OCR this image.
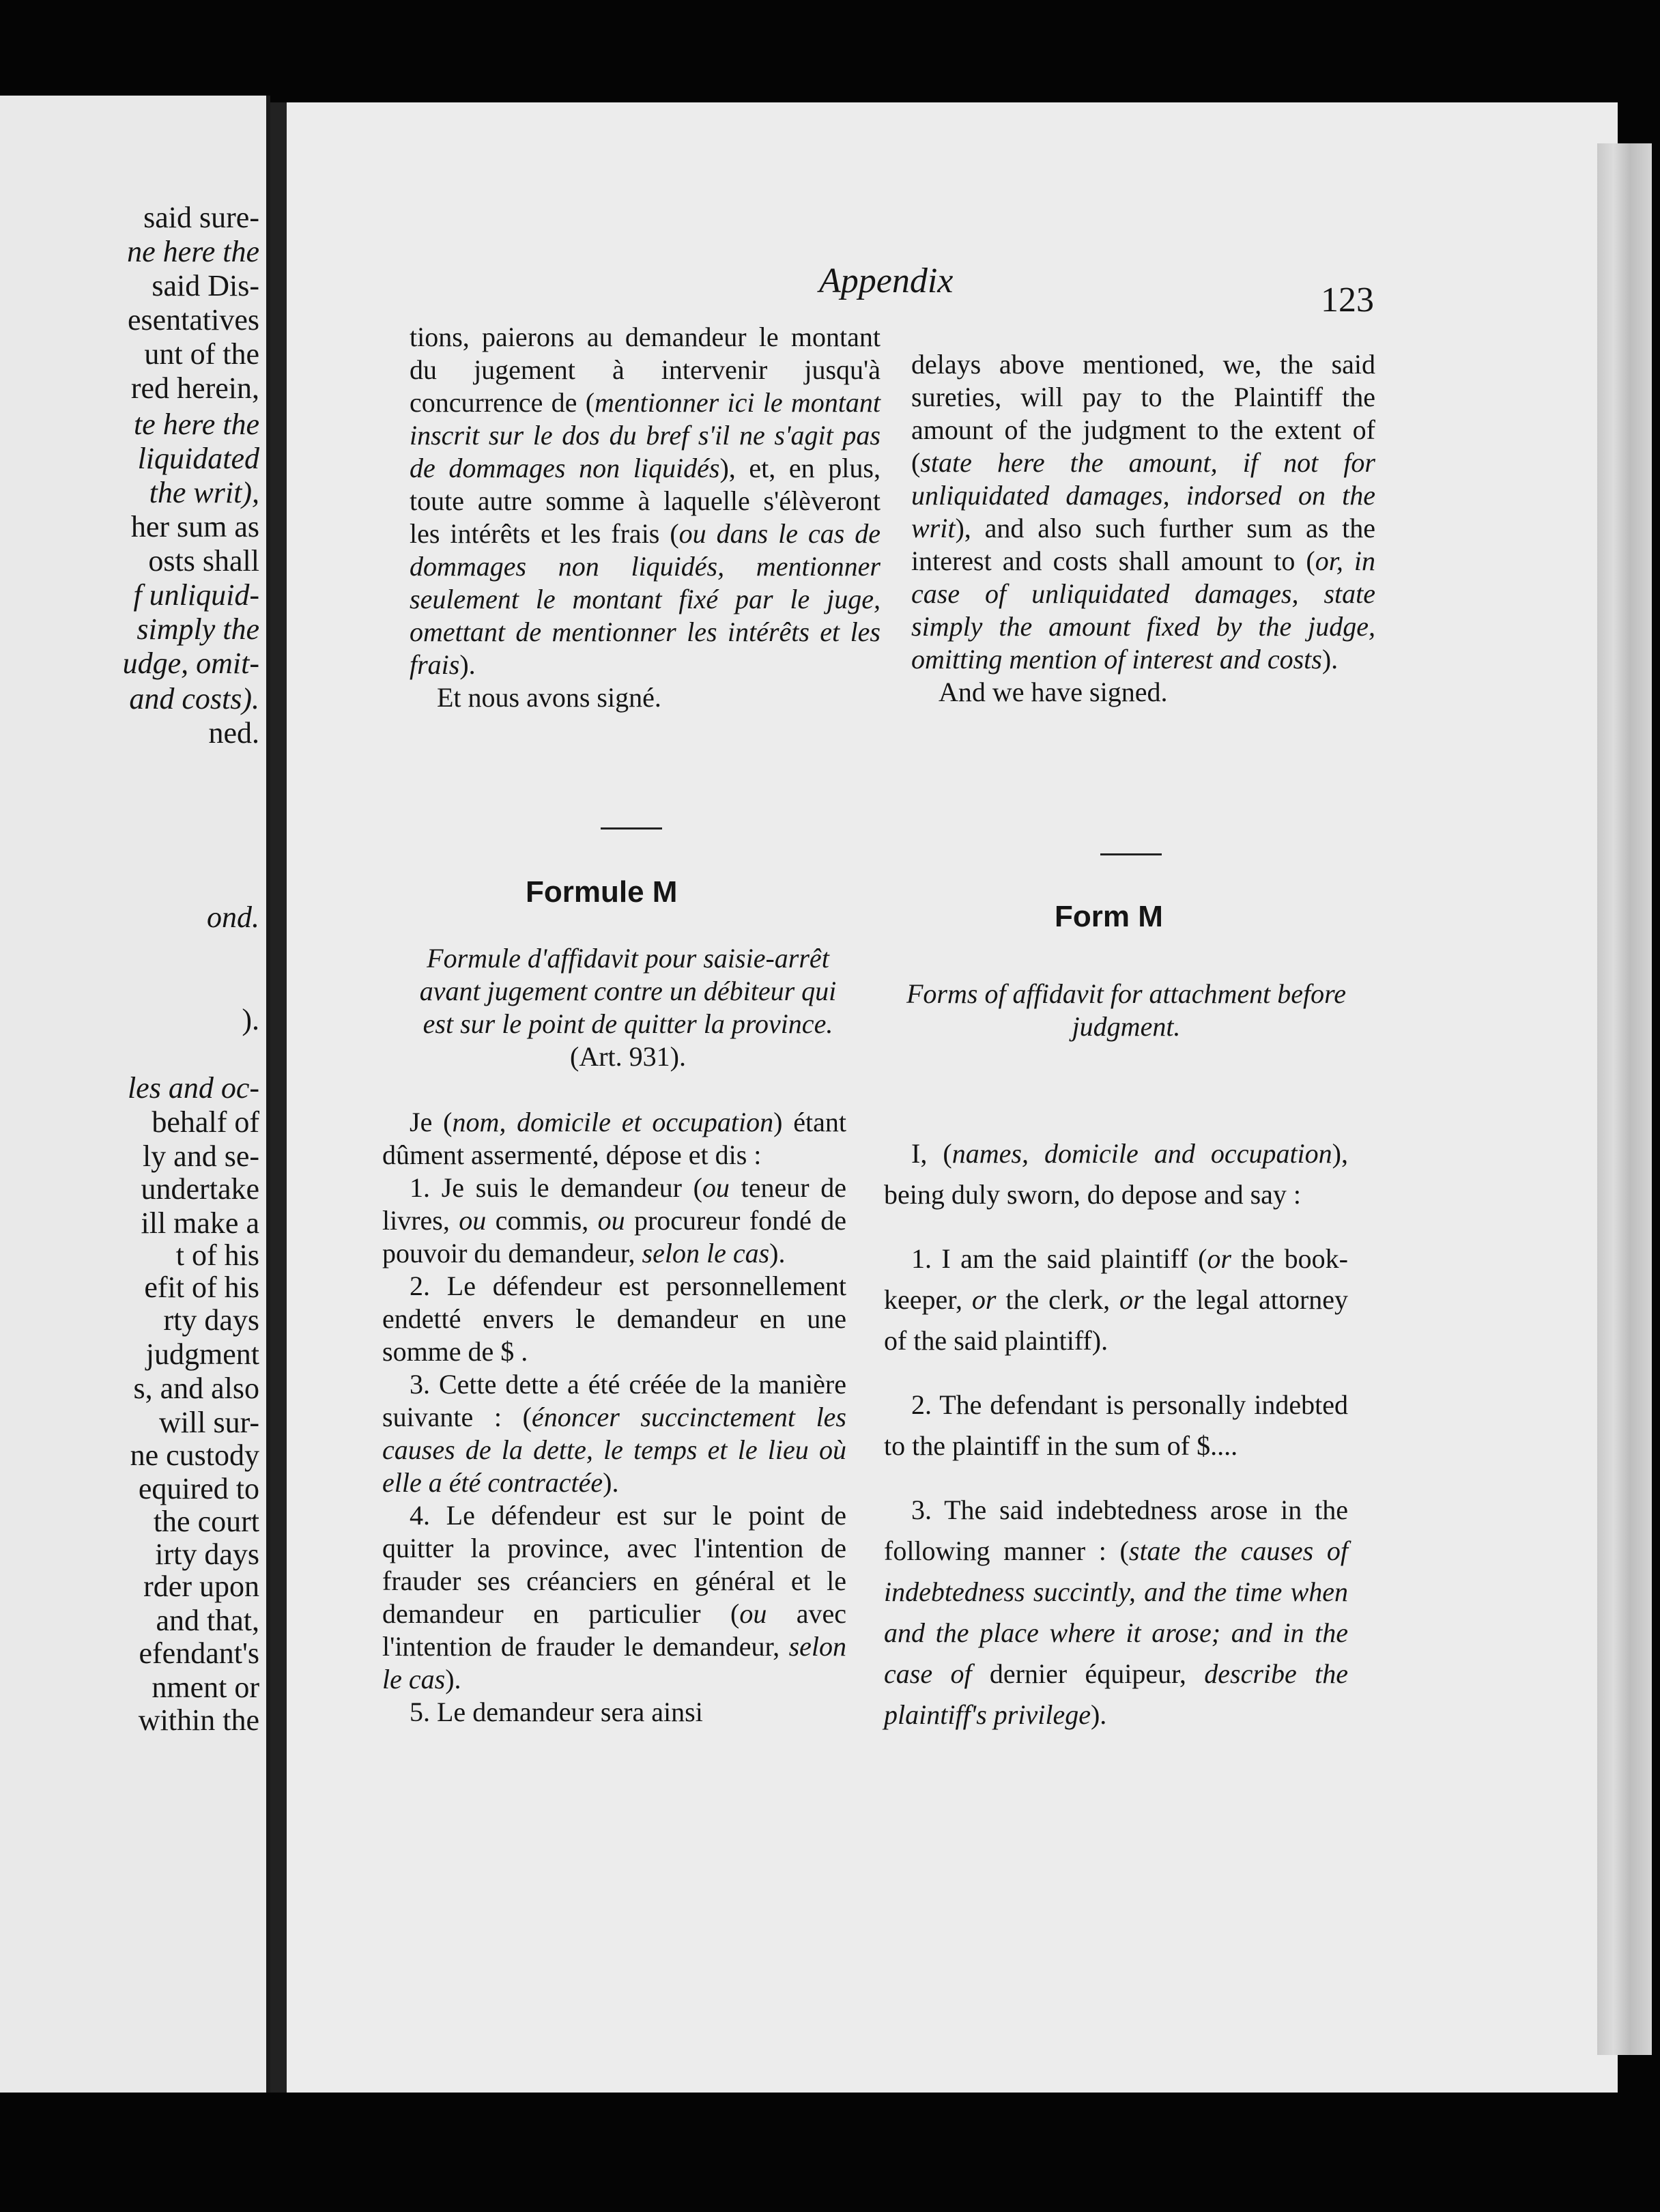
said sure-
ne here the
said Dis-
esentatives
unt of the
red herein,
te here the
liquidated
the writ),
her sum as
osts shall
f unliquid-
simply the
udge, omit-
and costs).
ned.
ond.
).
les and oc-
behalf of
ly and se-
undertake
ill make a
t of his
efit of his
rty days
judgment
s, and also
will sur-
ne custody
equired to
the court
irty days
rder upon
and that,
efendant's
nment or
within the
Appendix	123

tions, paierons au demandeur le montant du jugement à intervenir jusqu'à concurrence de (mentionner ici le montant inscrit sur le dos du bref s'il ne s'agit pas de dommages non liquidés), et, en plus, toute autre somme à laquelle s'élèveront les intérêts et les frais (ou dans le cas de dommages non liquidés, mentionner seulement le montant fixé par le juge, omettant de mentionner les intérêts et les frais).

Et nous avons signé.

delays above mentioned, we, the said sureties, will pay to the Plaintiff the amount of the judgment to the extent of (state here the amount, if not for unliquidated damages, indorsed on the writ), and also such further sum as the interest and costs shall amount to (or, in case of unliquidated damages, state simply the amount fixed by the judge, omitting mention of interest and costs).

And we have signed.

Formule M
Form M
Formule d'affidavit pour saisie-arrêt avant jugement contre un débiteur qui est sur le point de quitter la province. (Art. 931).
Forms of affidavit for attachment before judgment.

Je (nom, domicile et occupation) étant dûment assermenté, dépose et dis :

1. Je suis le demandeur (ou teneur de livres, ou commis, ou procureur fondé de pouvoir du demandeur, selon le cas).

2. Le défendeur est personnellement endetté envers le demandeur en une somme de $ .

3. Cette dette a été créée de la manière suivante : (énoncer succinctement les causes de la dette, le temps et le lieu où elle a été contractée).

4. Le défendeur est sur le point de quitter la province, avec l'intention de frauder ses créanciers en général et le demandeur en particulier (ou avec l'intention de frauder le demandeur, selon le cas).

5. Le demandeur sera ainsi

I, (names, domicile and occupation), being duly sworn, do depose and say :

1. I am the said plaintiff (or the book-keeper, or the clerk, or the legal attorney of the said plaintiff).

2. The defendant is personally indebted to the plaintiff in the sum of $....

3. The said indebtedness arose in the following manner : (state the causes of indebtedness succintly, and the time when and the place where it arose; and in the case of dernier équipeur, describe the plaintiff's privilege).
